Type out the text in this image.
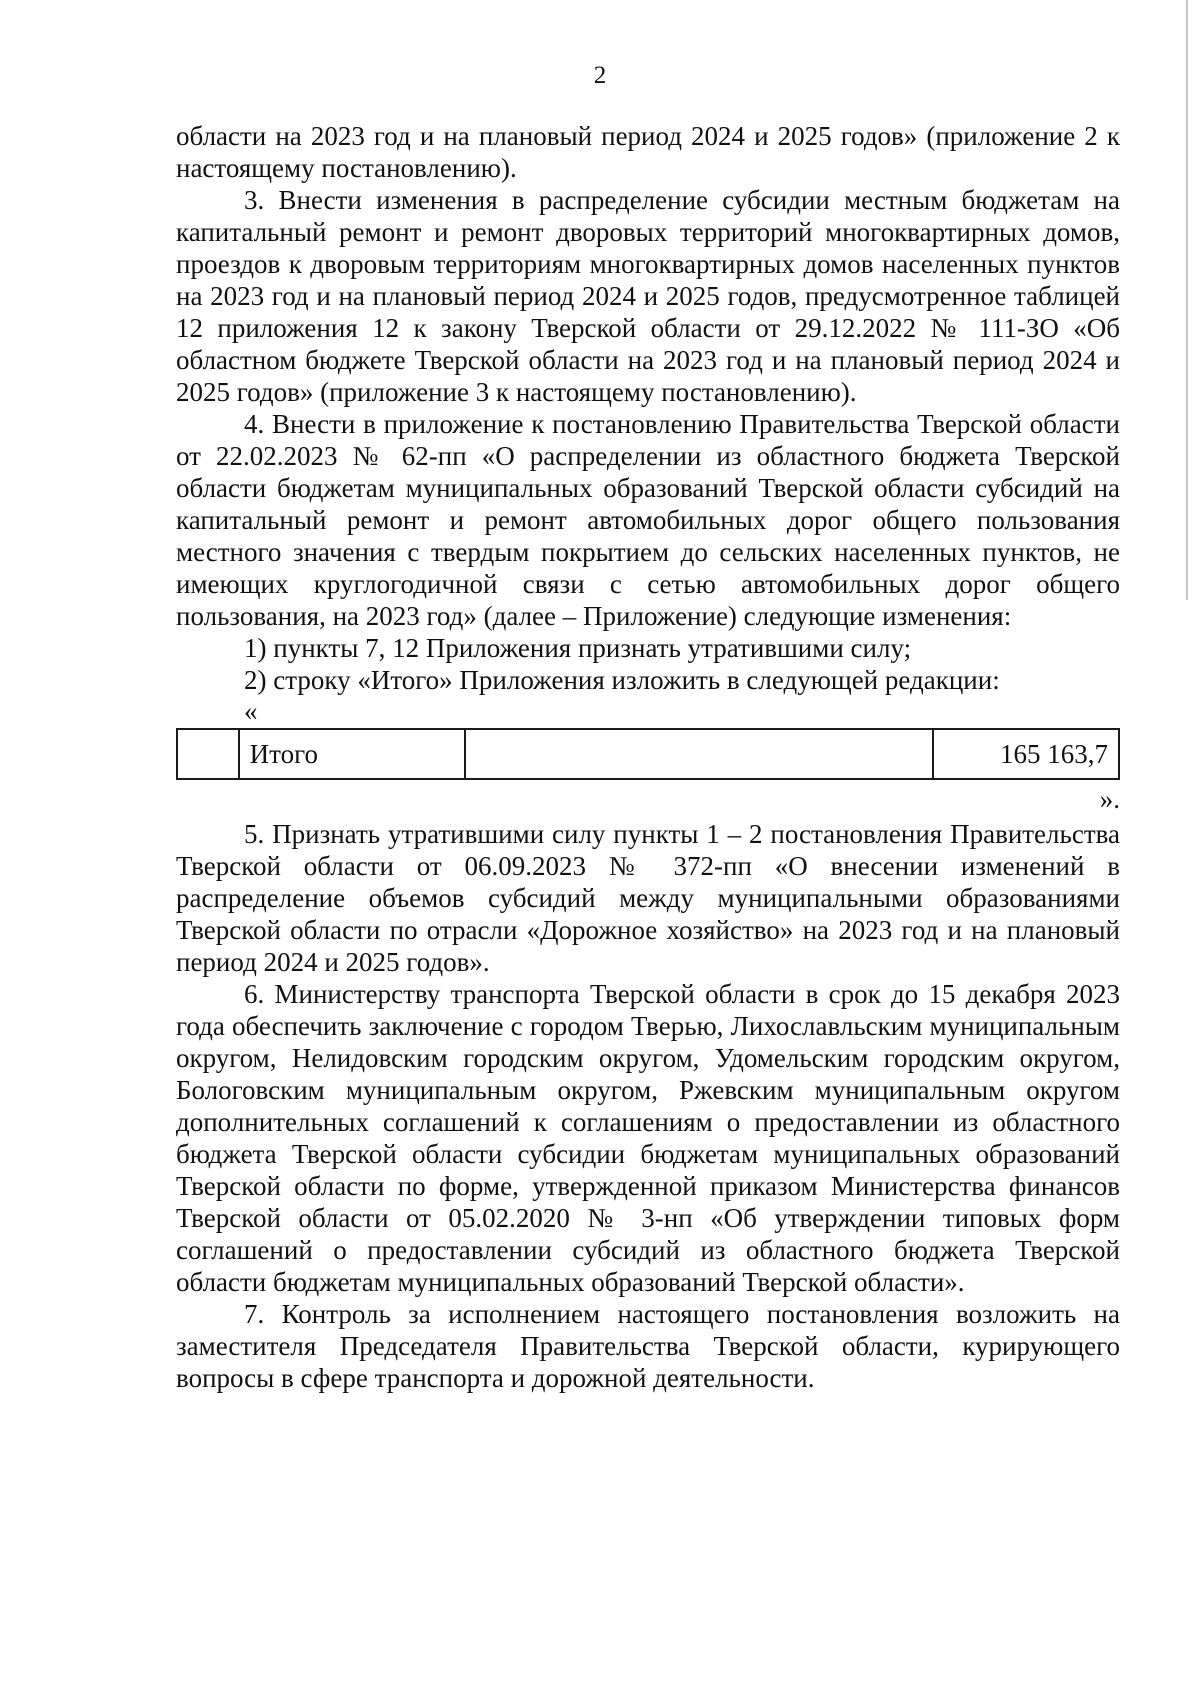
2

области на 2023 год и на плановый период 2024 и 2025 годов» (приложение 2 к настоящему постановлению).

3. Внести изменения в распределение субсидии местным бюджетам на капитальный ремонт и ремонт дворовых территорий многоквартирных домов, проездов к дворовым территориям многоквартирных домов населенных пунктов на 2023 год и на плановый период 2024 и 2025 годов, предусмотренное таблицей 12 приложения 12 к закону Тверской области от 29.12.2022 № 111-ЗО «Об областном бюджете Тверской области на 2023 год и на плановый период 2024 и 2025 годов» (приложение 3 к настоящему постановлению).

4. Внести в приложение к постановлению Правительства Тверской области от 22.02.2023 № 62-пп «О распределении из областного бюджета Тверской области бюджетам муниципальных образований Тверской области субсидий на капитальный ремонт и ремонт автомобильных дорог общего пользования местного значения с твердым покрытием до сельских населенных пунктов, не имеющих круглогодичной связи с сетью автомобильных дорог общего пользования, на 2023 год» (далее – Приложение) следующие изменения:

1) пункты 7, 12 Приложения признать утратившими силу;

2) строку «Итого» Приложения изложить в следующей редакции:

«

	Итого		165 163,7

».

5. Признать утратившими силу пункты 1 – 2 постановления Правительства Тверской области от 06.09.2023 № 372-пп «О внесении изменений в распределение объемов субсидий между муниципальными образованиями Тверской области по отрасли «Дорожное хозяйство» на 2023 год и на плановый период 2024 и 2025 годов».

6. Министерству транспорта Тверской области в срок до 15 декабря 2023 года обеспечить заключение с городом Тверью, Лихославльским муниципальным округом, Нелидовским городским округом, Удомельским городским округом, Бологовским муниципальным округом, Ржевским муниципальным округом дополнительных соглашений к соглашениям о предоставлении из областного бюджета Тверской области субсидии бюджетам муниципальных образований Тверской области по форме, утвержденной приказом Министерства финансов Тверской области от 05.02.2020 № 3-нп «Об утверждении типовых форм соглашений о предоставлении субсидий из областного бюджета Тверской области бюджетам муниципальных образований Тверской области».

7. Контроль за исполнением настоящего постановления возложить на заместителя Председателя Правительства Тверской области, курирующего вопросы в сфере транспорта и дорожной деятельности.
